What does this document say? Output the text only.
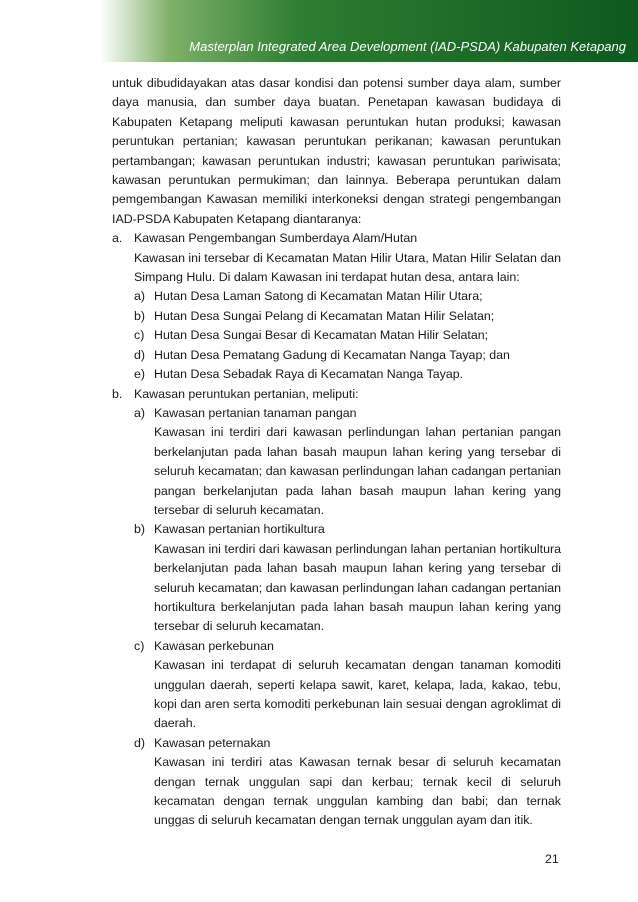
Masterplan Integrated Area Development (IAD-PSDA) Kabupaten Ketapang

untuk dibudidayakan atas dasar kondisi dan potensi sumber daya alam, sumber daya manusia, dan sumber daya buatan. Penetapan kawasan budidaya di Kabupaten Ketapang meliputi kawasan peruntukan hutan produksi; kawasan peruntukan pertanian; kawasan peruntukan perikanan; kawasan peruntukan pertambangan; kawasan peruntukan industri; kawasan peruntukan pariwisata; kawasan peruntukan permukiman; dan lainnya. Beberapa peruntukan dalam pemgembangan Kawasan memiliki interkoneksi dengan strategi pengembangan IAD-PSDA Kabupaten Ketapang diantaranya:

a. Kawasan Pengembangan Sumberdaya Alam/Hutan
Kawasan ini tersebar di Kecamatan Matan Hilir Utara, Matan Hilir Selatan dan Simpang Hulu. Di dalam Kawasan ini terdapat hutan desa, antara lain:
a) Hutan Desa Laman Satong di Kecamatan Matan Hilir Utara;
b) Hutan Desa Sungai Pelang di Kecamatan Matan Hilir Selatan;
c) Hutan Desa Sungai Besar di Kecamatan Matan Hilir Selatan;
d) Hutan Desa Pematang Gadung di Kecamatan Nanga Tayap; dan
e) Hutan Desa Sebadak Raya di Kecamatan Nanga Tayap.
b. Kawasan peruntukan pertanian, meliputi:
a) Kawasan pertanian tanaman pangan
Kawasan ini terdiri dari kawasan perlindungan lahan pertanian pangan berkelanjutan pada lahan basah maupun lahan kering yang tersebar di seluruh kecamatan; dan kawasan perlindungan lahan cadangan pertanian pangan berkelanjutan pada lahan basah maupun lahan kering yang tersebar di seluruh kecamatan.
b) Kawasan pertanian hortikultura
Kawasan ini terdiri dari kawasan perlindungan lahan pertanian hortikultura berkelanjutan pada lahan basah maupun lahan kering yang tersebar di seluruh kecamatan; dan kawasan perlindungan lahan cadangan pertanian hortikultura berkelanjutan pada lahan basah maupun lahan kering yang tersebar di seluruh kecamatan.
c) Kawasan perkebunan
Kawasan ini terdapat di seluruh kecamatan dengan tanaman komoditi unggulan daerah, seperti kelapa sawit, karet, kelapa, lada, kakao, tebu, kopi dan aren serta komoditi perkebunan lain sesuai dengan agroklimat di daerah.
d) Kawasan peternakan
Kawasan ini terdiri atas Kawasan ternak besar di seluruh kecamatan dengan ternak unggulan sapi dan kerbau; ternak kecil di seluruh kecamatan dengan ternak unggulan kambing dan babi; dan ternak unggas di seluruh kecamatan dengan ternak unggulan ayam dan itik.
21
